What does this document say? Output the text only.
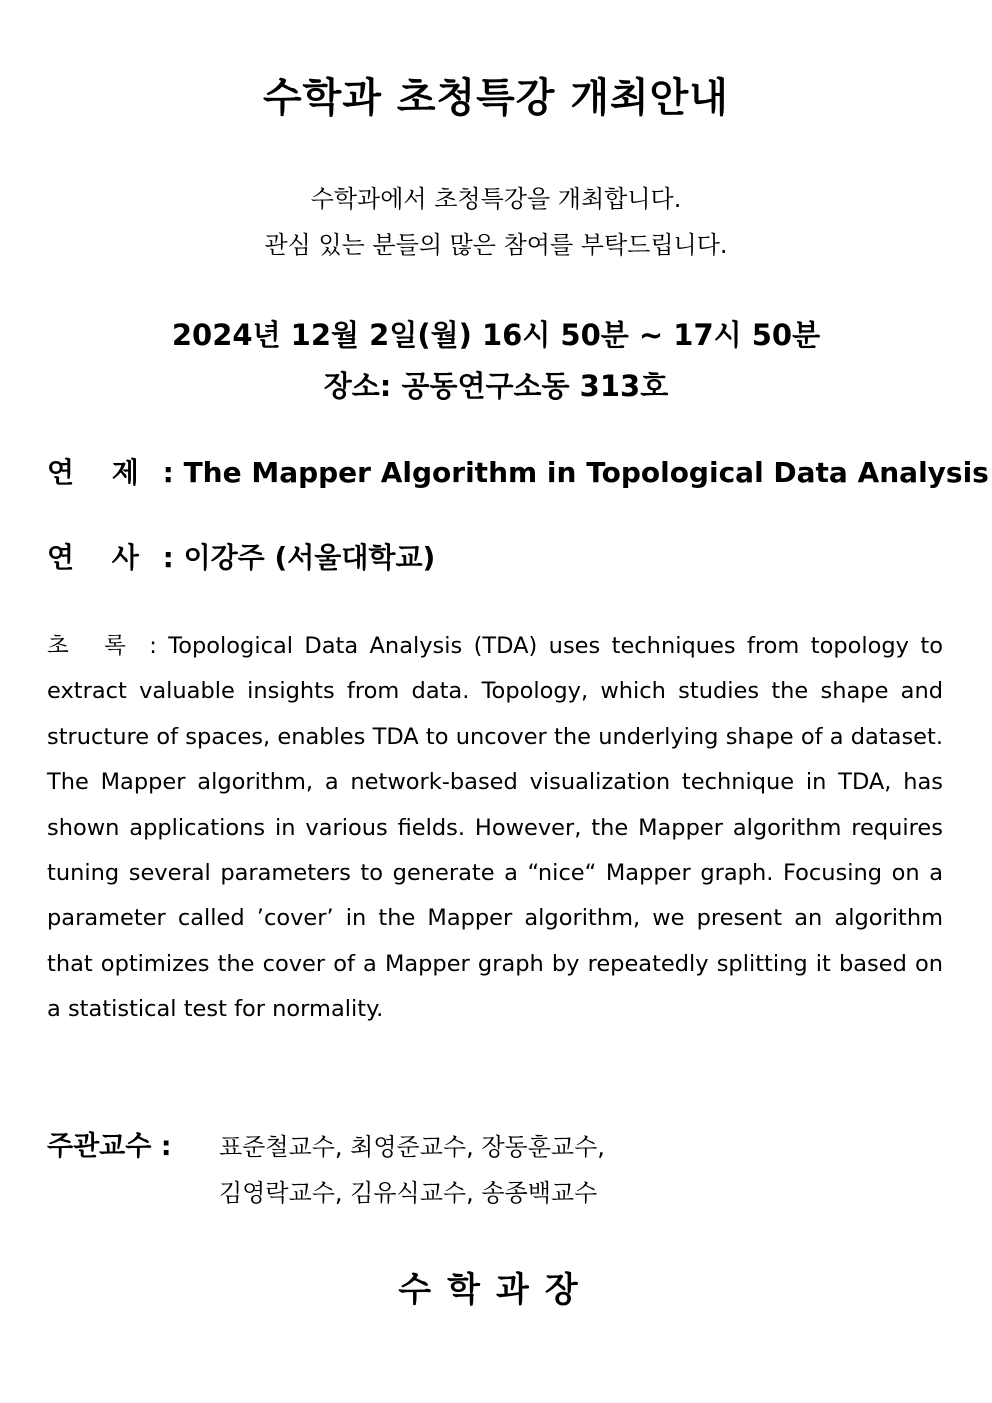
수학과 초청특강 개최안내
수학과에서 초청특강을 개최합니다.
관심 있는 분들의 많은 참여를 부탁드립니다.
2024년 12월 2일(월) 16시 50분 ~ 17시 50분
장소: 공동연구소동 313호
연 제 : The Mapper Algorithm in Topological Data Analysis
연 사 : 이강주 (서울대학교)
초 록 : Topological Data Analysis (TDA) uses techniques from topology to extract valuable insights from data. Topology, which studies the shape and structure of spaces, enables TDA to uncover the underlying shape of a dataset. The Mapper algorithm, a network-based visualization technique in TDA, has shown applications in various fields. However, the Mapper algorithm requires tuning several parameters to generate a “nice“ Mapper graph. Focusing on a parameter called ’cover’ in the Mapper algorithm, we present an algorithm that optimizes the cover of a Mapper graph by repeatedly splitting it based on a statistical test for normality.
주관교수 : 표준철교수, 최영준교수, 장동훈교수,
김영락교수, 김유식교수, 송종백교수
수학과장
